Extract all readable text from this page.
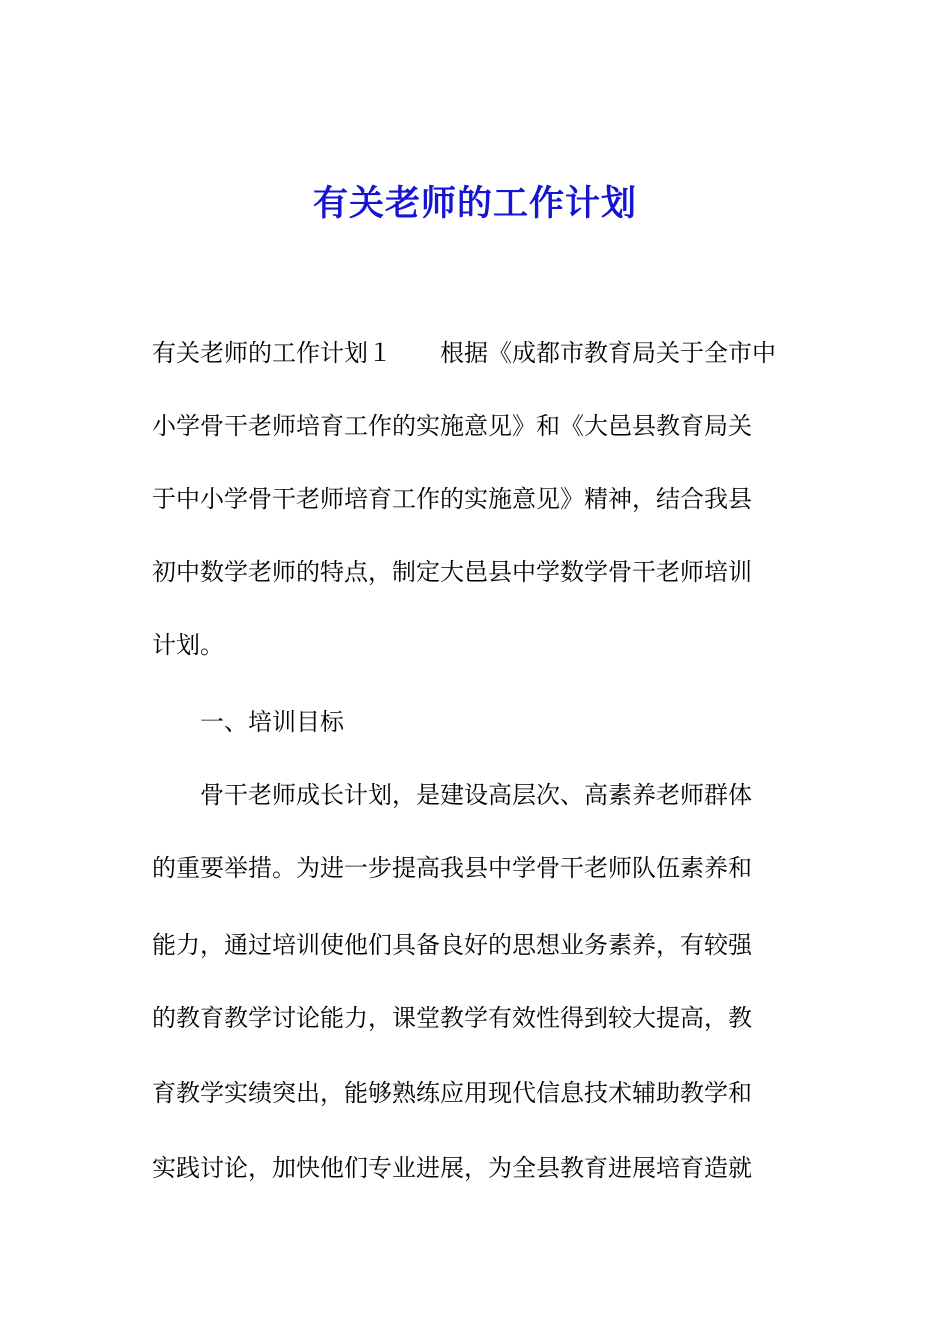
有关老师的工作计划
有关老师的工作计划１　　根据《成都市教育局关于全市中
小学骨干老师培育工作的实施意见》和《大邑县教育局关
于中小学骨干老师培育工作的实施意见》精神，结合我县
初中数学老师的特点，制定大邑县中学数学骨干老师培训
计划。
　　一、培训目标
　　骨干老师成长计划，是建设高层次、高素养老师群体
的重要举措。为进一步提高我县中学骨干老师队伍素养和
能力，通过培训使他们具备良好的思想业务素养，有较强
的教育教学讨论能力，课堂教学有效性得到较大提高，教
育教学实绩突出，能够熟练应用现代信息技术辅助教学和
实践讨论，加快他们专业进展，为全县教育进展培育造就
